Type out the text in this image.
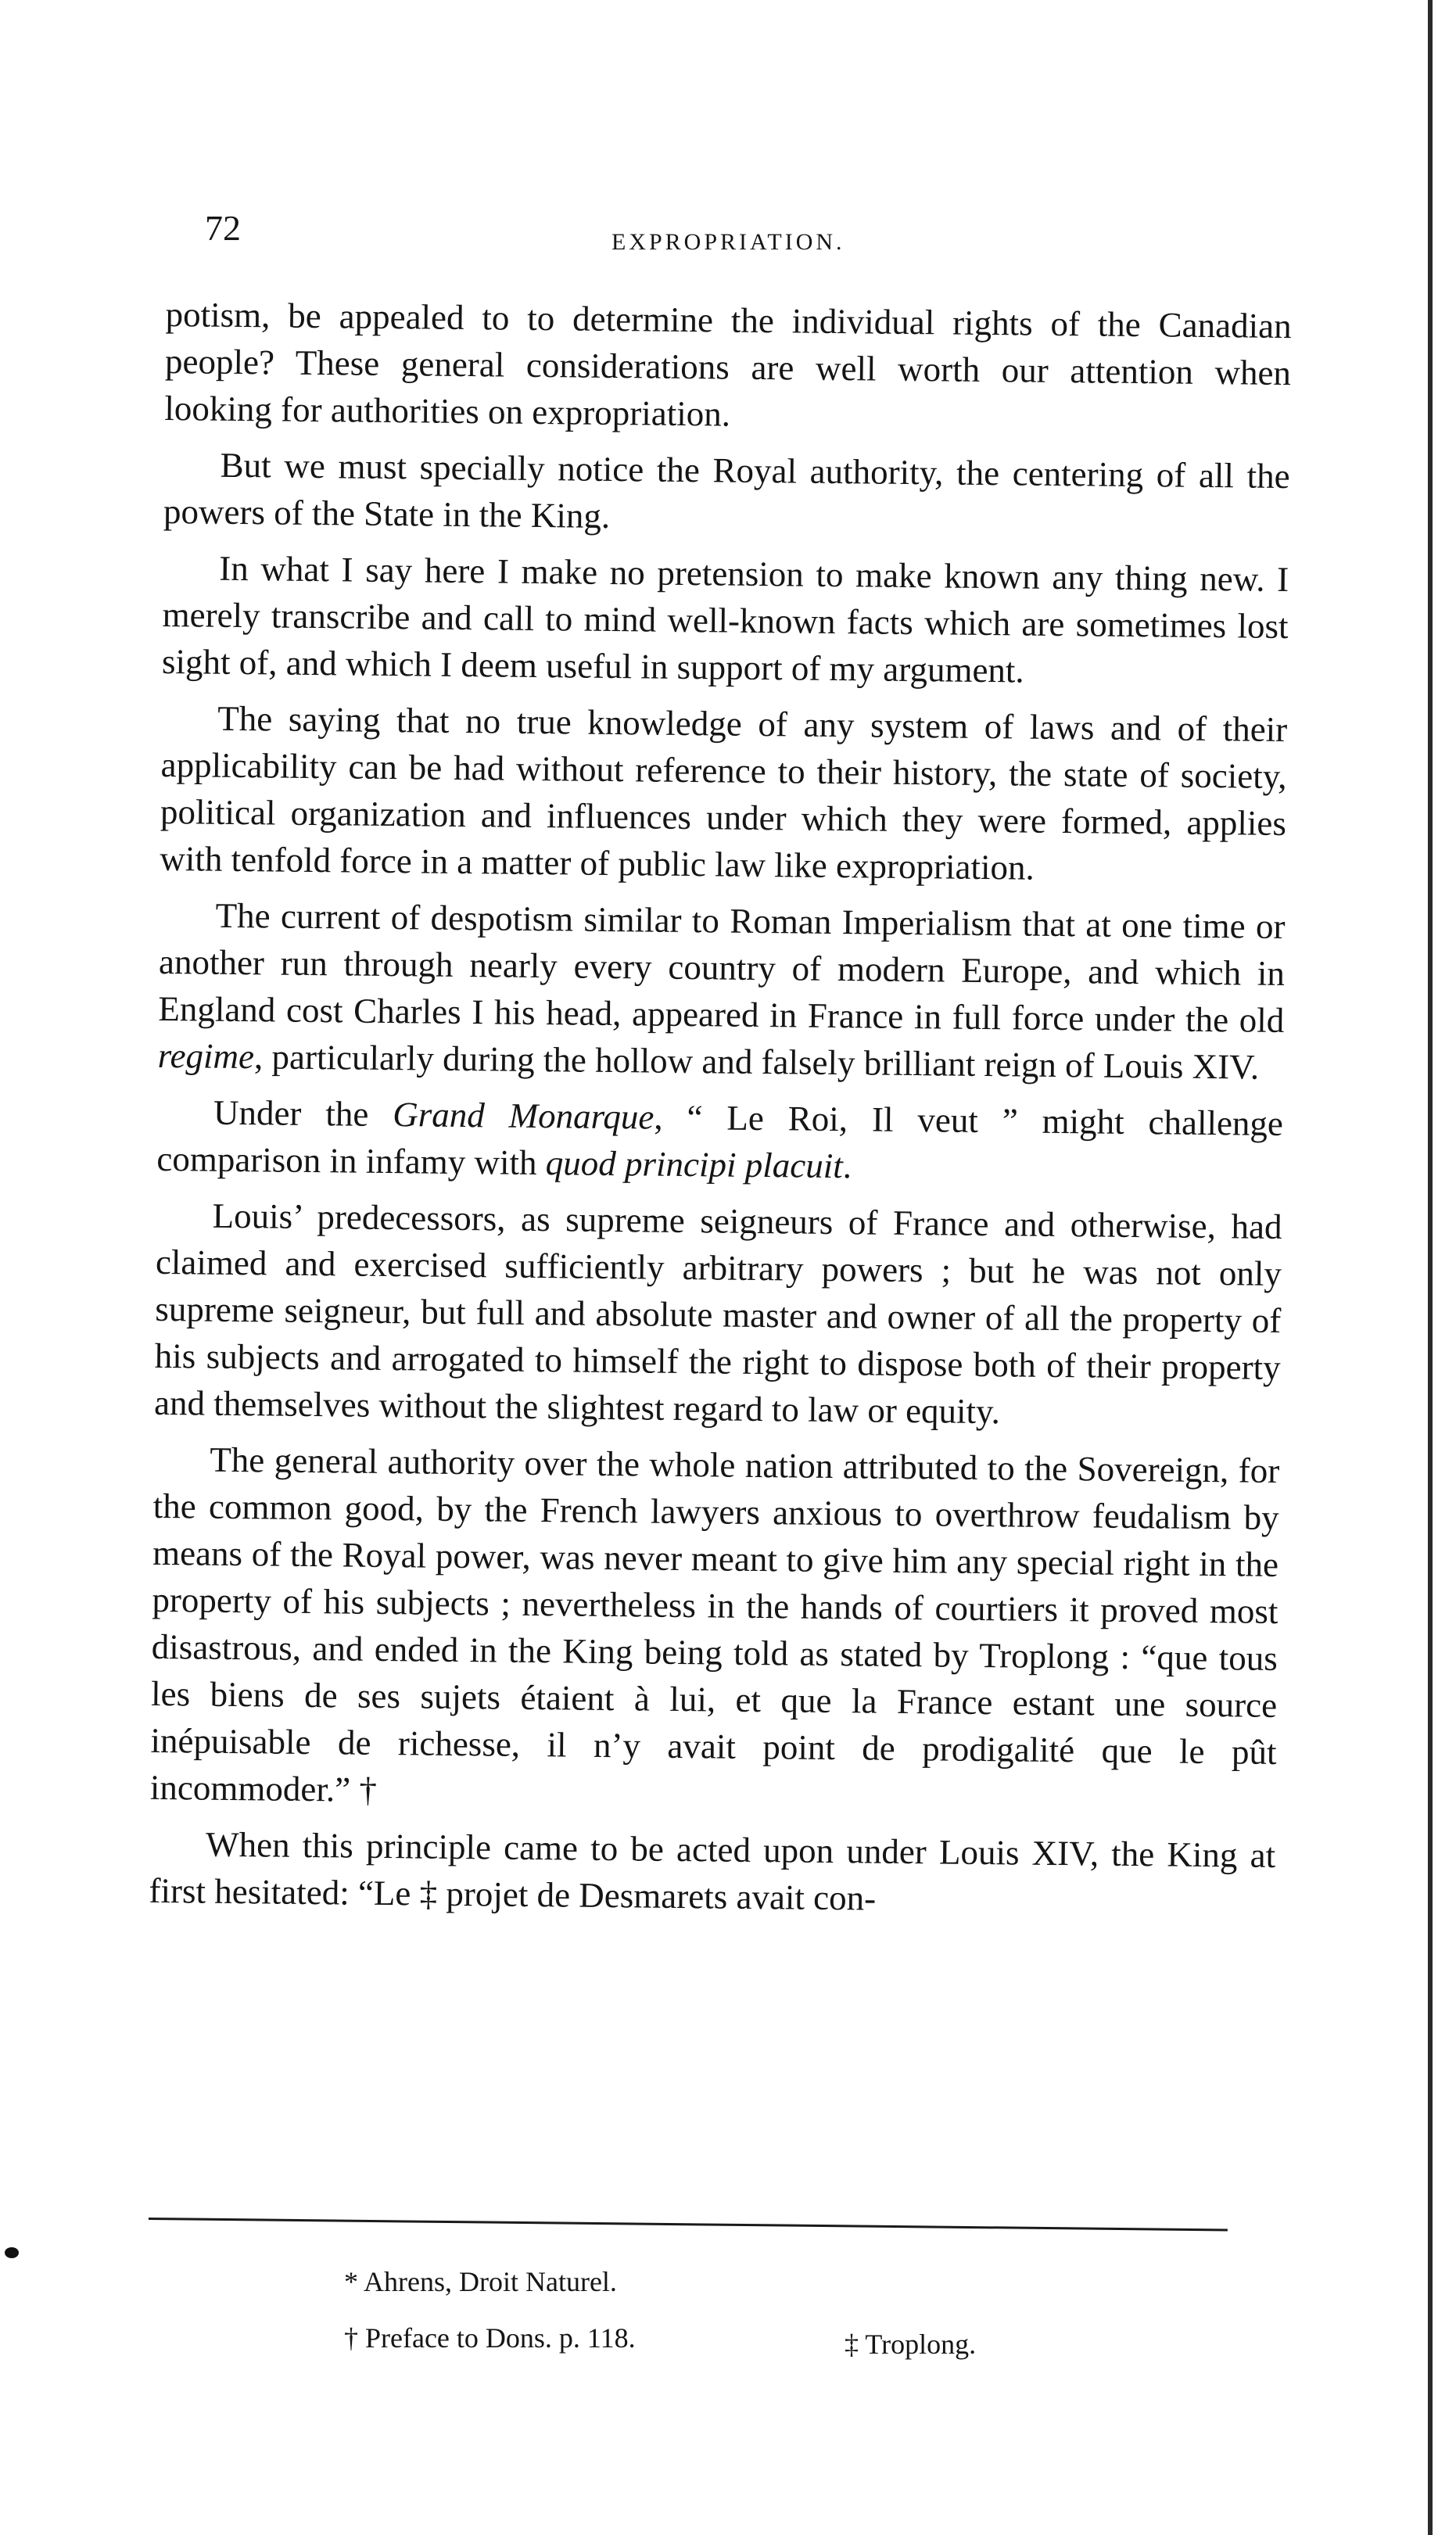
72	EXPROPRIATION.

potism, be appealed to to determine the individual rights of the Canadian people? These general considerations are well worth our attention when looking for authorities on expropriation.

But we must specially notice the Royal authority, the centering of all the powers of the State in the King.

In what I say here I make no pretension to make known any thing new. I merely transcribe and call to mind well-known facts which are sometimes lost sight of, and which I deem useful in support of my argument.

The saying that no true knowledge of any system of laws and of their applicability can be had without reference to their history, the state of society, political organization and influences under which they were formed, applies with tenfold force in a matter of public law like expropriation.

The current of despotism similar to Roman Imperialism that at one time or another run through nearly every country of modern Europe, and which in England cost Charles I his head, appeared in France in full force under the old regime, particularly during the hollow and falsely brilliant reign of Louis XIV.

Under the Grand Monarque, “ Le Roi, Il veut ” might challenge comparison in infamy with quod principi placuit.

Louis’ predecessors, as supreme seigneurs of France and otherwise, had claimed and exercised sufficiently arbitrary powers ; but he was not only supreme seigneur, but full and absolute master and owner of all the property of his subjects and arrogated to himself the right to dispose both of their property and themselves without the slightest regard to law or equity.

The general authority over the whole nation attributed to the Sovereign, for the common good, by the French lawyers anxious to overthrow feudalism by means of the Royal power, was never meant to give him any special right in the property of his subjects ; nevertheless in the hands of courtiers it proved most disastrous, and ended in the King being told as stated by Troplong : “que tous les biens de ses sujets étaient à lui, et que la France estant une source inépuisable de richesse, il n’y avait point de prodigalité que le pût incommoder.” †

When this principle came to be acted upon under Louis XIV, the King at first hesitated: “Le ‡ projet de Desmarets avait con-

* Ahrens, Droit Naturel.
† Preface to Dons. p. 118.	‡ Troplong.
